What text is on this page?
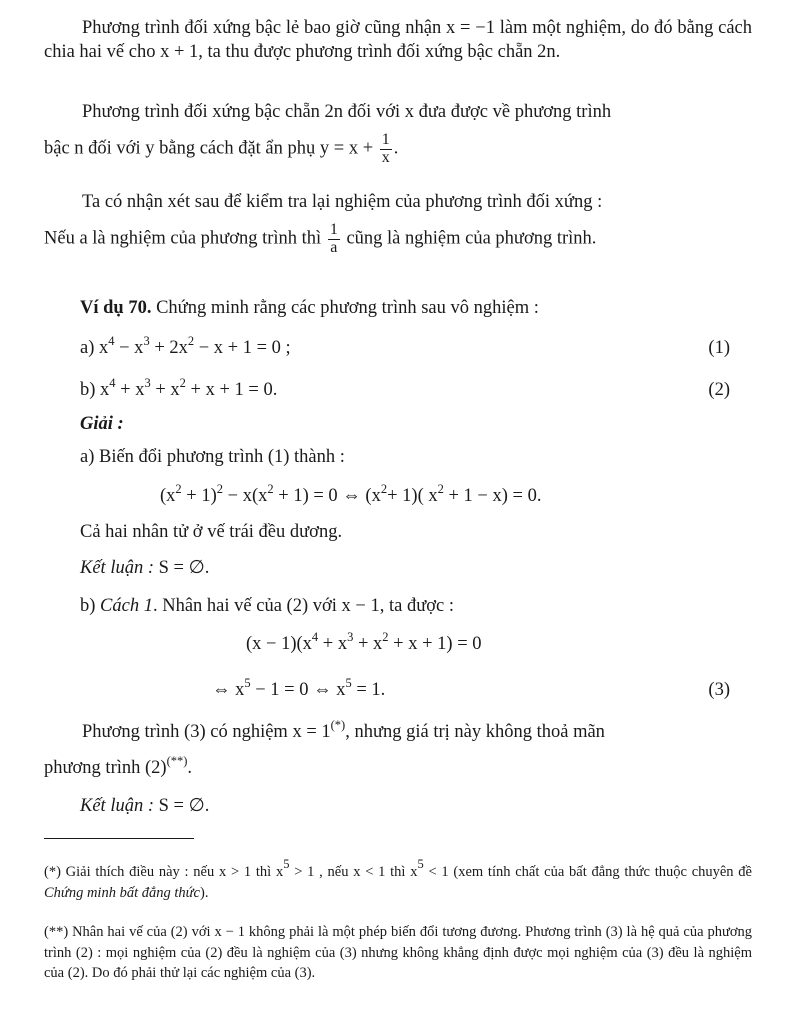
Phương trình đối xứng bậc lẻ bao giờ cũng nhận x = −1 làm một nghiệm, do đó bằng cách chia hai vế cho x + 1, ta thu được phương trình đối xứng bậc chẵn 2n.

Phương trình đối xứng bậc chẵn 2n đối với x đưa được về phương trình

bậc n đối với y bằng cách đặt ẩn phụ $y = x + \frac{1}{x}$ .

Ta có nhận xét sau để kiểm tra lại nghiệm của phương trình đối xứng :

Nếu a là nghiệm của phương trình thì $\frac{1}{a}$ cũng là nghiệm của phương trình.
Ví dụ 70. Chứng minh rằng các phương trình sau vô nghiệm :
a) $x^4 - x^3 + 2x^2 - x + 1 = 0$ ;	(1)
b) $x^4 + x^3 + x^2 + x + 1 = 0$.	(2)
Giải :
a) Biến đổi phương trình (1) thành :
$(x^2 + 1)^2 - x(x^2 + 1) = 0$ ⇔ $(x^2+ 1)$( $x^2 + 1 - x) = 0$.
Cả hai nhân tử ở vế trái đều dương.
Kết luận : S = ∅.
b) Cách 1. Nhân hai vế của (2) với x − 1, ta được :
$(x - 1)(x^4 + x^3 + x^2 + x + 1) = 0$
⇔ $x^5 - 1 = 0$ ⇔ $x^5 = 1$.	(3)
Phương trình (3) có nghiệm x = 1(*), nhưng giá trị này không thoả mãn
phương trình (2)(**).
Kết luận : S = ∅.

(*) Giải thích điều này : nếu x > 1 thì $x^5 > 1$ , nếu x < 1 thì $x^5 < 1$ (xem tính chất của bất đẳng thức thuộc chuyên đề Chứng minh bất đẳng thức).

(**) Nhân hai vế của (2) với x − 1 không phải là một phép biến đổi tương đương. Phương trình (3) là hệ quả của phương trình (2) : mọi nghiệm của (2) đều là nghiệm của (3) nhưng không khẳng định được mọi nghiệm của (3) đều là nghiệm của (2). Do đó phải thử lại các nghiệm của (3).
